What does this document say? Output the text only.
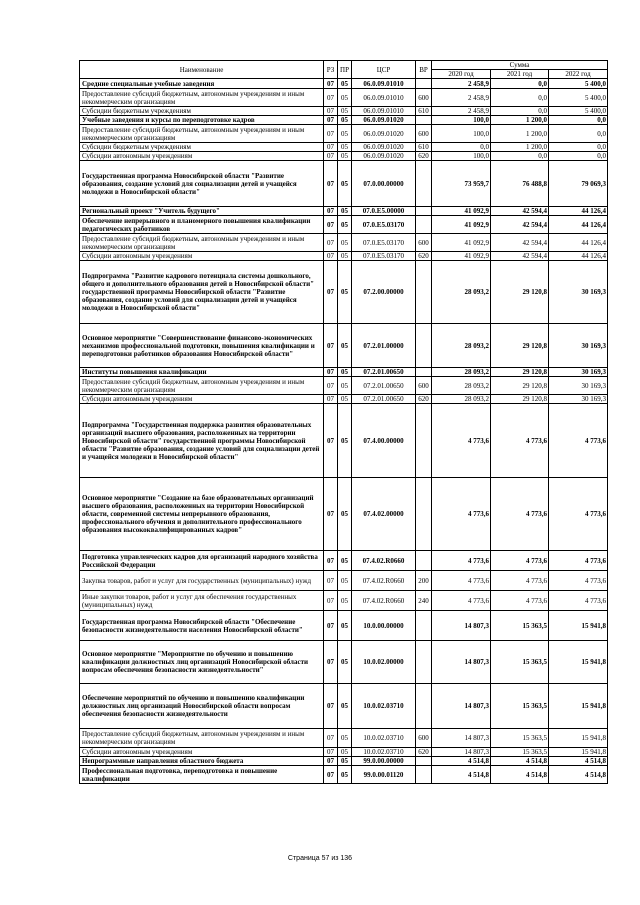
Наименование	РЗ	ПР	ЦСР	ВР	Сумма		
					2020 год	2021 год	2022 год
Средние специальные учебные заведения	07	05	06.0.09.01010		2 458,9	0,0	5 400,0
Предоставление субсидий бюджетным, автономным учреждениям и иным некоммерческим организациям	07	05	06.0.09.01010	600	2 458,9	0,0	5 400,0
Субсидии бюджетным учреждениям	07	05	06.0.09.01010	610	2 458,9	0,0	5 400,0
Учебные заведения и курсы по переподготовке кадров	07	05	06.0.09.01020		100,0	1 200,0	0,0
Предоставление субсидий бюджетным, автономным учреждениям и иным некоммерческим организациям	07	05	06.0.09.01020	600	100,0	1 200,0	0,0
Субсидии бюджетным учреждениям	07	05	06.0.09.01020	610	0,0	1 200,0	0,0
Субсидии автономным учреждениям	07	05	06.0.09.01020	620	100,0	0,0	0,0
Государственная программа Новосибирской области "Развитие образования, создание условий для социализации детей и учащейся молодежи в Новосибирской области"	07	05	07.0.00.00000		73 959,7	76 488,8	79 069,3
Региональный проект "Учитель будущего"	07	05	07.0.E5.00000		41 092,9	42 594,4	44 126,4
Обеспечение непрерывного и планомерного повышения квалификации педагогических работников	07	05	07.0.E5.03170		41 092,9	42 594,4	44 126,4
Предоставление субсидий бюджетным, автономным учреждениям и иным некоммерческим организациям	07	05	07.0.E5.03170	600	41 092,9	42 594,4	44 126,4
Субсидии автономным учреждениям	07	05	07.0.E5.03170	620	41 092,9	42 594,4	44 126,4
Подпрограмма "Развитие кадрового потенциала системы дошкольного, общего и дополнительного образования детей в Новосибирской области" государственной программы Новосибирской области "Развитие образования, создание условий для социализации детей и учащейся молодежи в Новосибирской области"	07	05	07.2.00.00000		28 093,2	29 120,8	30 169,3
Основное мероприятие "Совершенствование финансово-экономических механизмов профессиональной подготовки, повышения квалификации и переподготовки работников образования Новосибирской области"	07	05	07.2.01.00000		28 093,2	29 120,8	30 169,3
Институты повышения квалификации	07	05	07.2.01.00650		28 093,2	29 120,8	30 169,3
Предоставление субсидий бюджетным, автономным учреждениям и иным некоммерческим организациям	07	05	07.2.01.00650	600	28 093,2	29 120,8	30 169,3
Субсидии автономным учреждениям	07	05	07.2.01.00650	620	28 093,2	29 120,8	30 169,3
Подпрограмма "Государственная поддержка развития образовательных организаций высшего образования, расположенных на территории Новосибирской области" государственной программы Новосибирской области "Развитие образования, создание условий для социализации детей и учащейся молодежи в Новосибирской области"	07	05	07.4.00.00000		4 773,6	4 773,6	4 773,6
Основное мероприятие "Создание на базе образовательных организаций высшего образования, расположенных на территории Новосибирской области, современной системы непрерывного образования, профессионального обучения и дополнительного профессионального образования высококвалифицированных кадров"	07	05	07.4.02.00000		4 773,6	4 773,6	4 773,6
Подготовка управленческих кадров для организаций народного хозяйства Российской Федерации	07	05	07.4.02.R0660		4 773,6	4 773,6	4 773,6
Закупка товаров, работ и услуг для государственных (муниципальных) нужд	07	05	07.4.02.R0660	200	4 773,6	4 773,6	4 773,6
Иные закупки товаров, работ и услуг для обеспечения государственных (муниципальных) нужд	07	05	07.4.02.R0660	240	4 773,6	4 773,6	4 773,6
Государственная программа Новосибирской области "Обеспечение безопасности жизнедеятельности населения Новосибирской области"	07	05	10.0.00.00000		14 807,3	15 363,5	15 941,8
Основное мероприятие "Мероприятие по обучению и повышению квалификации должностных лиц организаций Новосибирской области вопросам обеспечения безопасности жизнедеятельности"	07	05	10.0.02.00000		14 807,3	15 363,5	15 941,8
Обеспечение мероприятий по обучению и повышению квалификации должностных лиц организаций Новосибирской области вопросам обеспечения безопасности жизнедеятельности	07	05	10.0.02.03710		14 807,3	15 363,5	15 941,8
Предоставление субсидий бюджетным, автономным учреждениям и иным некоммерческим организациям	07	05	10.0.02.03710	600	14 807,3	15 363,5	15 941,8
Субсидии автономным учреждениям	07	05	10.0.02.03710	620	14 807,3	15 363,5	15 941,8
Непрограммные направления областного бюджета	07	05	99.0.00.00000		4 514,8	4 514,8	4 514,8
Профессиональная подготовка, переподготовка и повышение квалификации	07	05	99.0.00.01120		4 514,8	4 514,8	4 514,8
Страница 57 из 136
